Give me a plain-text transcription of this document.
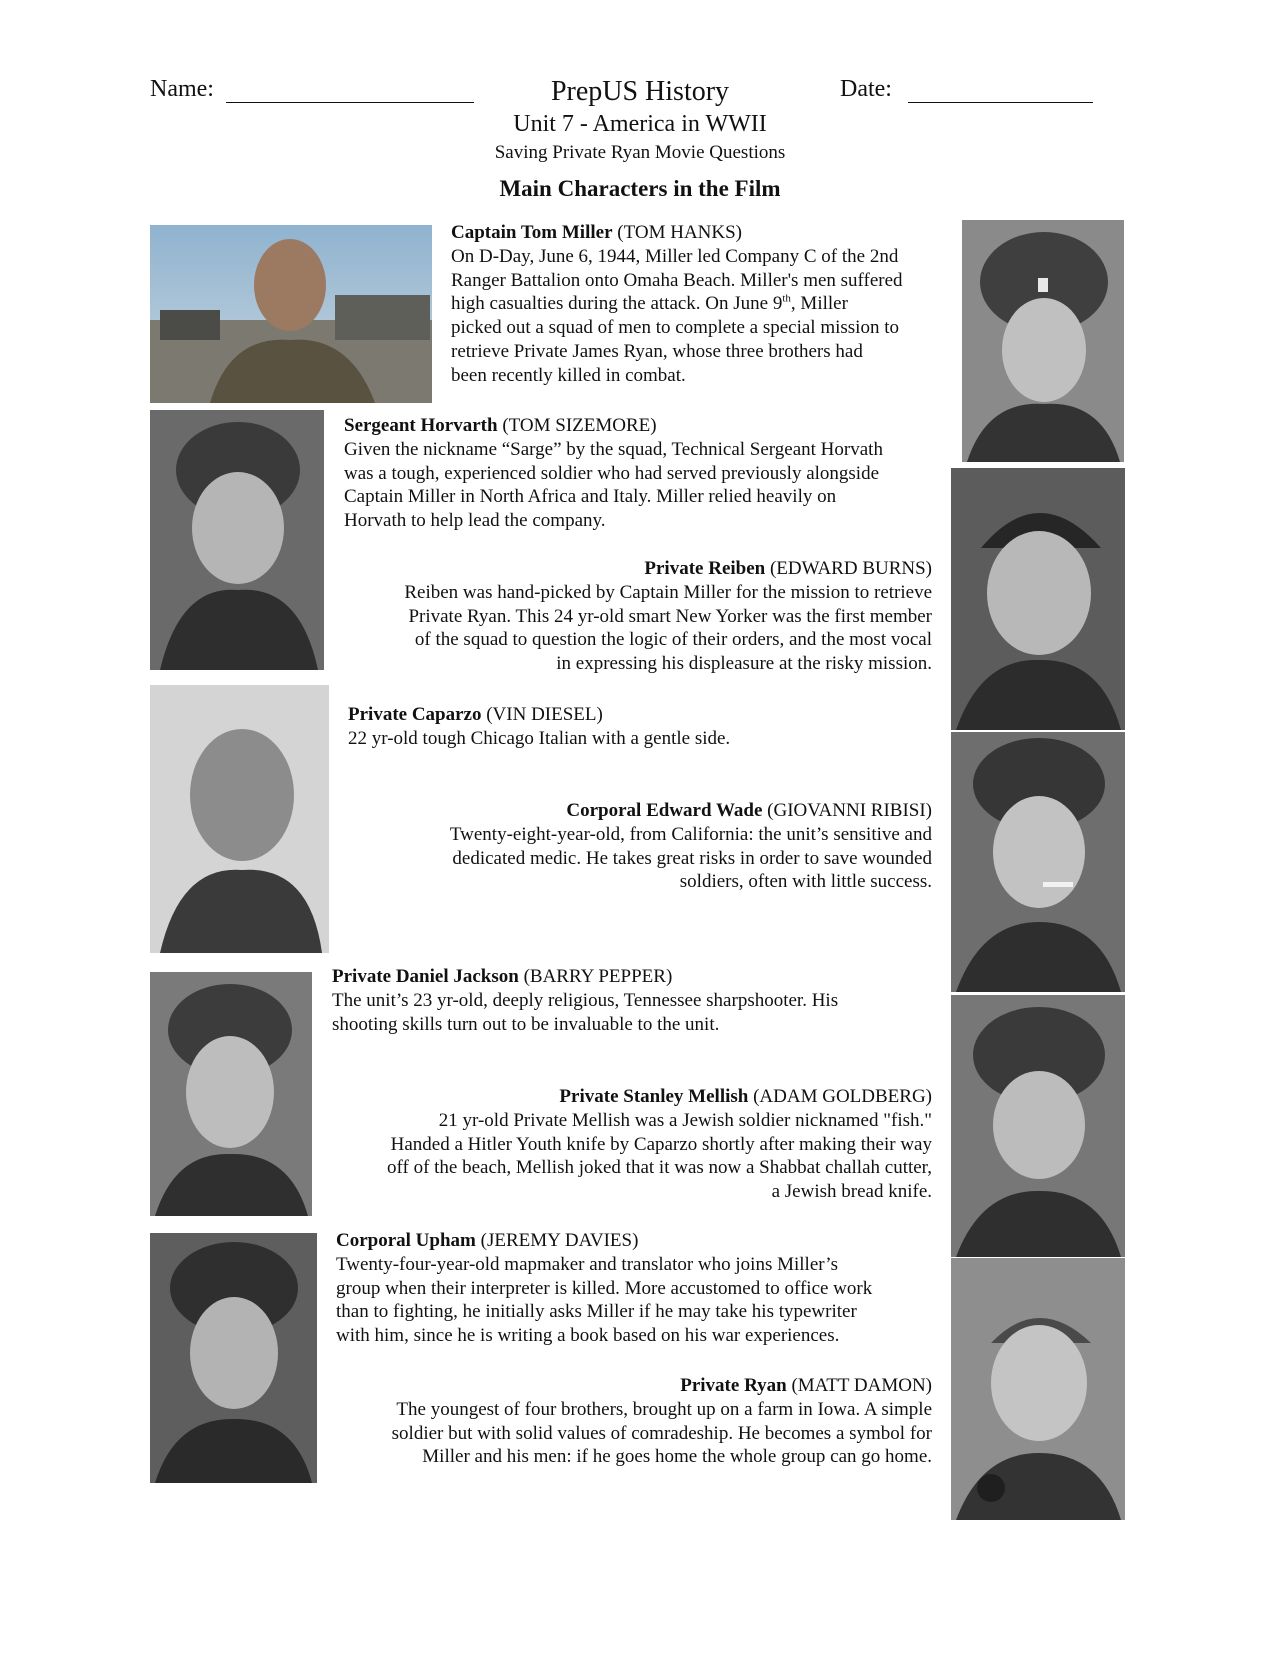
Name:	PrepUS History	Date:
Unit 7 - America in WWII
Saving Private Ryan Movie Questions
Main Characters in the Film
Captain Tom Miller (TOM HANKS)
On D-Day, June 6, 1944, Miller led Company C of the 2nd
Ranger Battalion onto Omaha Beach. Miller's men suffered
high casualties during the attack. On June 9th, Miller
picked out a squad of men to complete a special mission to
retrieve Private James Ryan, whose three brothers had
been recently killed in combat.
Sergeant Horvarth (TOM SIZEMORE)
Given the nickname “Sarge” by the squad, Technical Sergeant Horvath
was a tough, experienced soldier who had served previously alongside
Captain Miller in North Africa and Italy. Miller relied heavily on
Horvath to help lead the company.
Private Reiben (EDWARD BURNS)
Reiben was hand-picked by Captain Miller for the mission to retrieve
Private Ryan. This 24 yr-old smart New Yorker was the first member
of the squad to question the logic of their orders, and the most vocal
in expressing his displeasure at the risky mission.
Private Caparzo (VIN DIESEL)
22 yr-old tough Chicago Italian with a gentle side.
Corporal Edward Wade (GIOVANNI RIBISI)
Twenty-eight-year-old, from California: the unit’s sensitive and
dedicated medic. He takes great risks in order to save wounded
soldiers, often with little success.
Private Daniel Jackson (BARRY PEPPER)
The unit’s 23 yr-old, deeply religious, Tennessee sharpshooter. His
shooting skills turn out to be invaluable to the unit.
Private Stanley Mellish (ADAM GOLDBERG)
21 yr-old Private Mellish was a Jewish soldier nicknamed "fish."
Handed a Hitler Youth knife by Caparzo shortly after making their way
off of the beach, Mellish joked that it was now a Shabbat challah cutter,
a Jewish bread knife.
Corporal Upham (JEREMY DAVIES)
Twenty-four-year-old mapmaker and translator who joins Miller’s
group when their interpreter is killed. More accustomed to office work
than to fighting, he initially asks Miller if he may take his typewriter
with him, since he is writing a book based on his war experiences.
Private Ryan (MATT DAMON)
The youngest of four brothers, brought up on a farm in Iowa. A simple
soldier but with solid values of comradeship. He becomes a symbol for
Miller and his men: if he goes home the whole group can go home.
